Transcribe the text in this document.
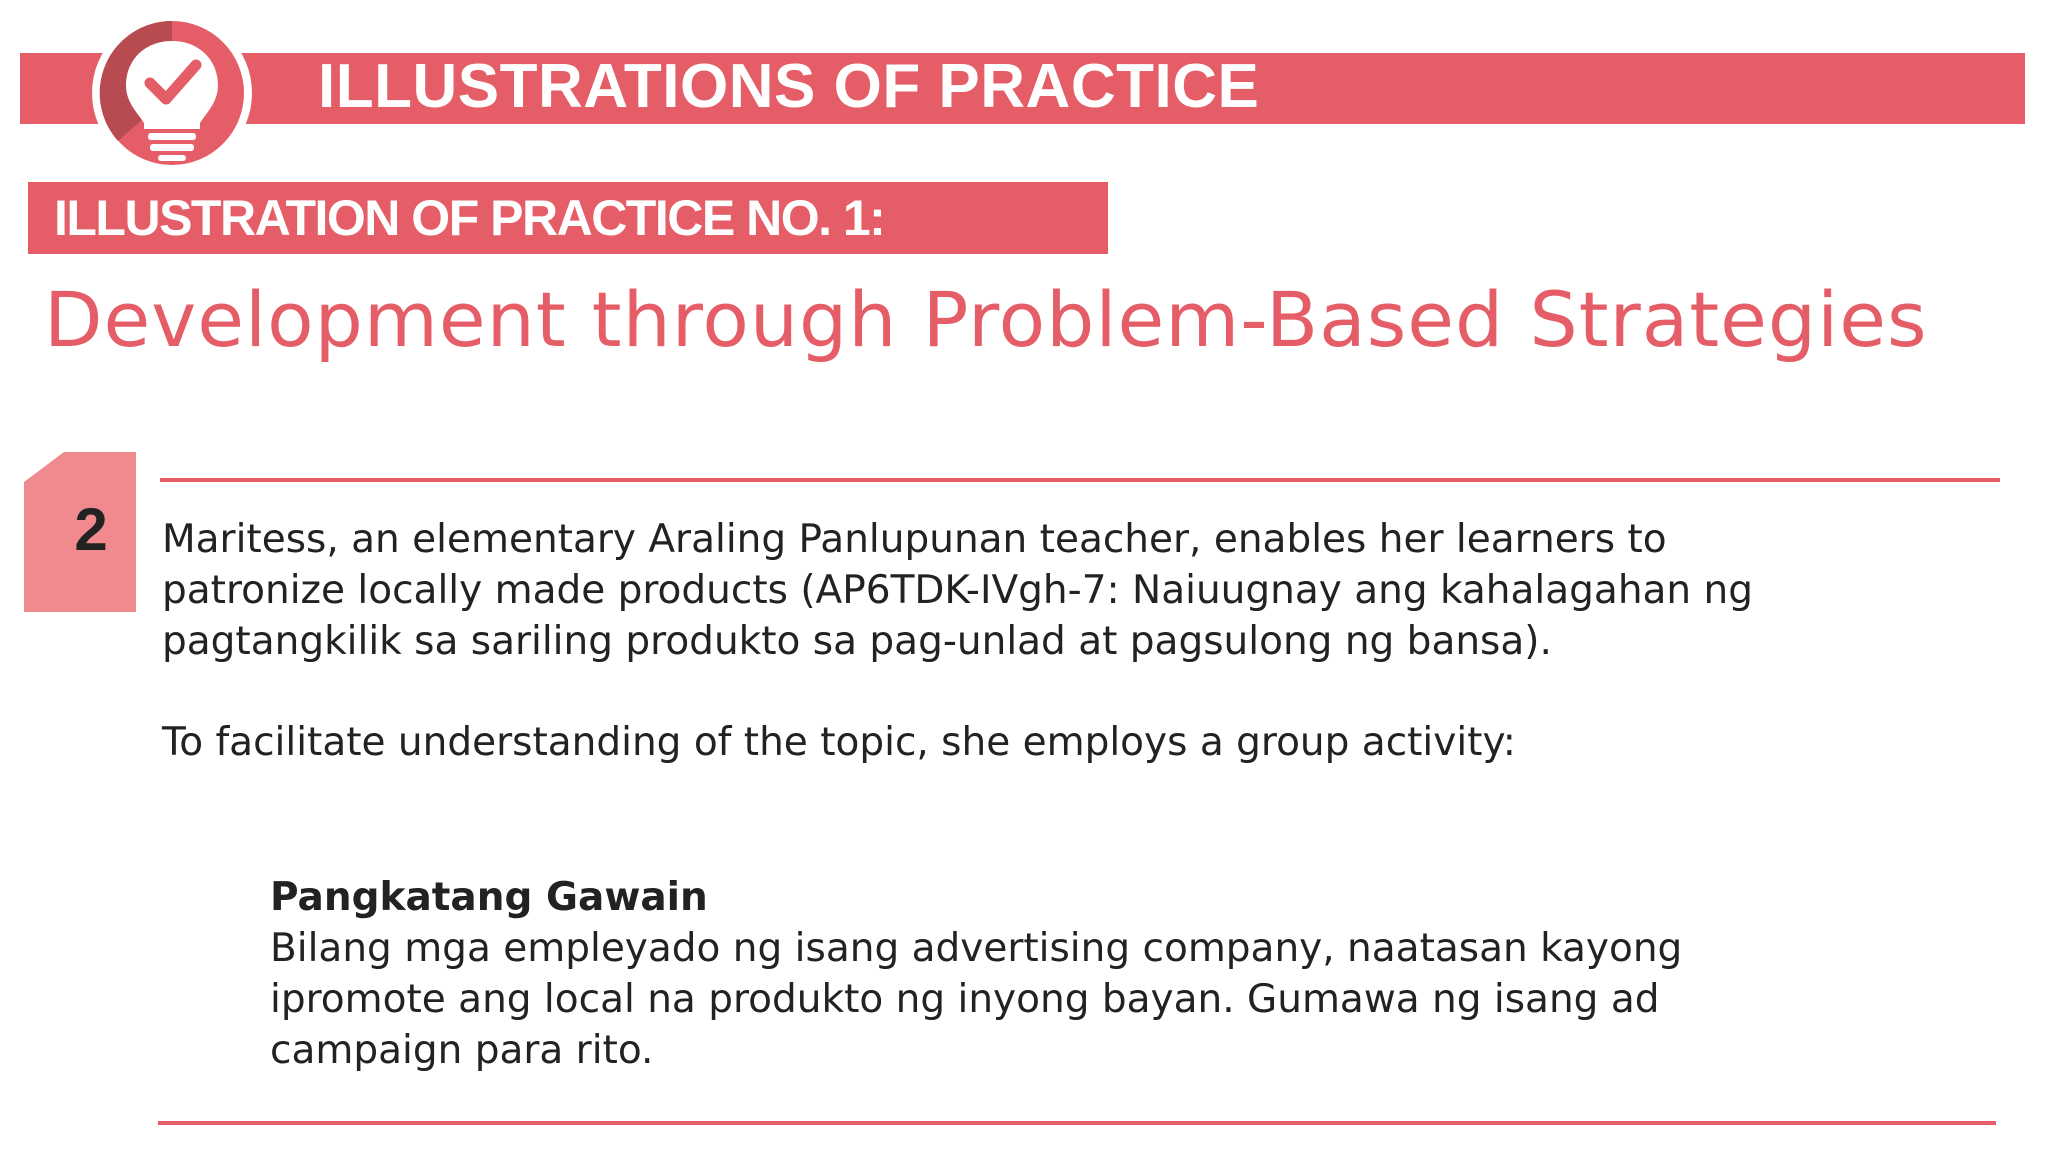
ILLUSTRATIONS OF PRACTICE
ILLUSTRATION OF PRACTICE NO. 1:
Development through Problem-Based Strategies
2	Maritess, an elementary Araling Panlupunan teacher, enables her learners to
patronize locally made products (AP6TDK-IVgh-7: Naiuugnay ang kahalagahan ng
pagtangkilik sa sariling produkto sa pag-unlad at pagsulong ng bansa).
To facilitate understanding of the topic, she employs a group activity:
Pangkatang Gawain
Bilang mga empleyado ng isang advertising company, naatasan kayong
ipromote ang local na produkto ng inyong bayan. Gumawa ng isang ad
campaign para rito.
